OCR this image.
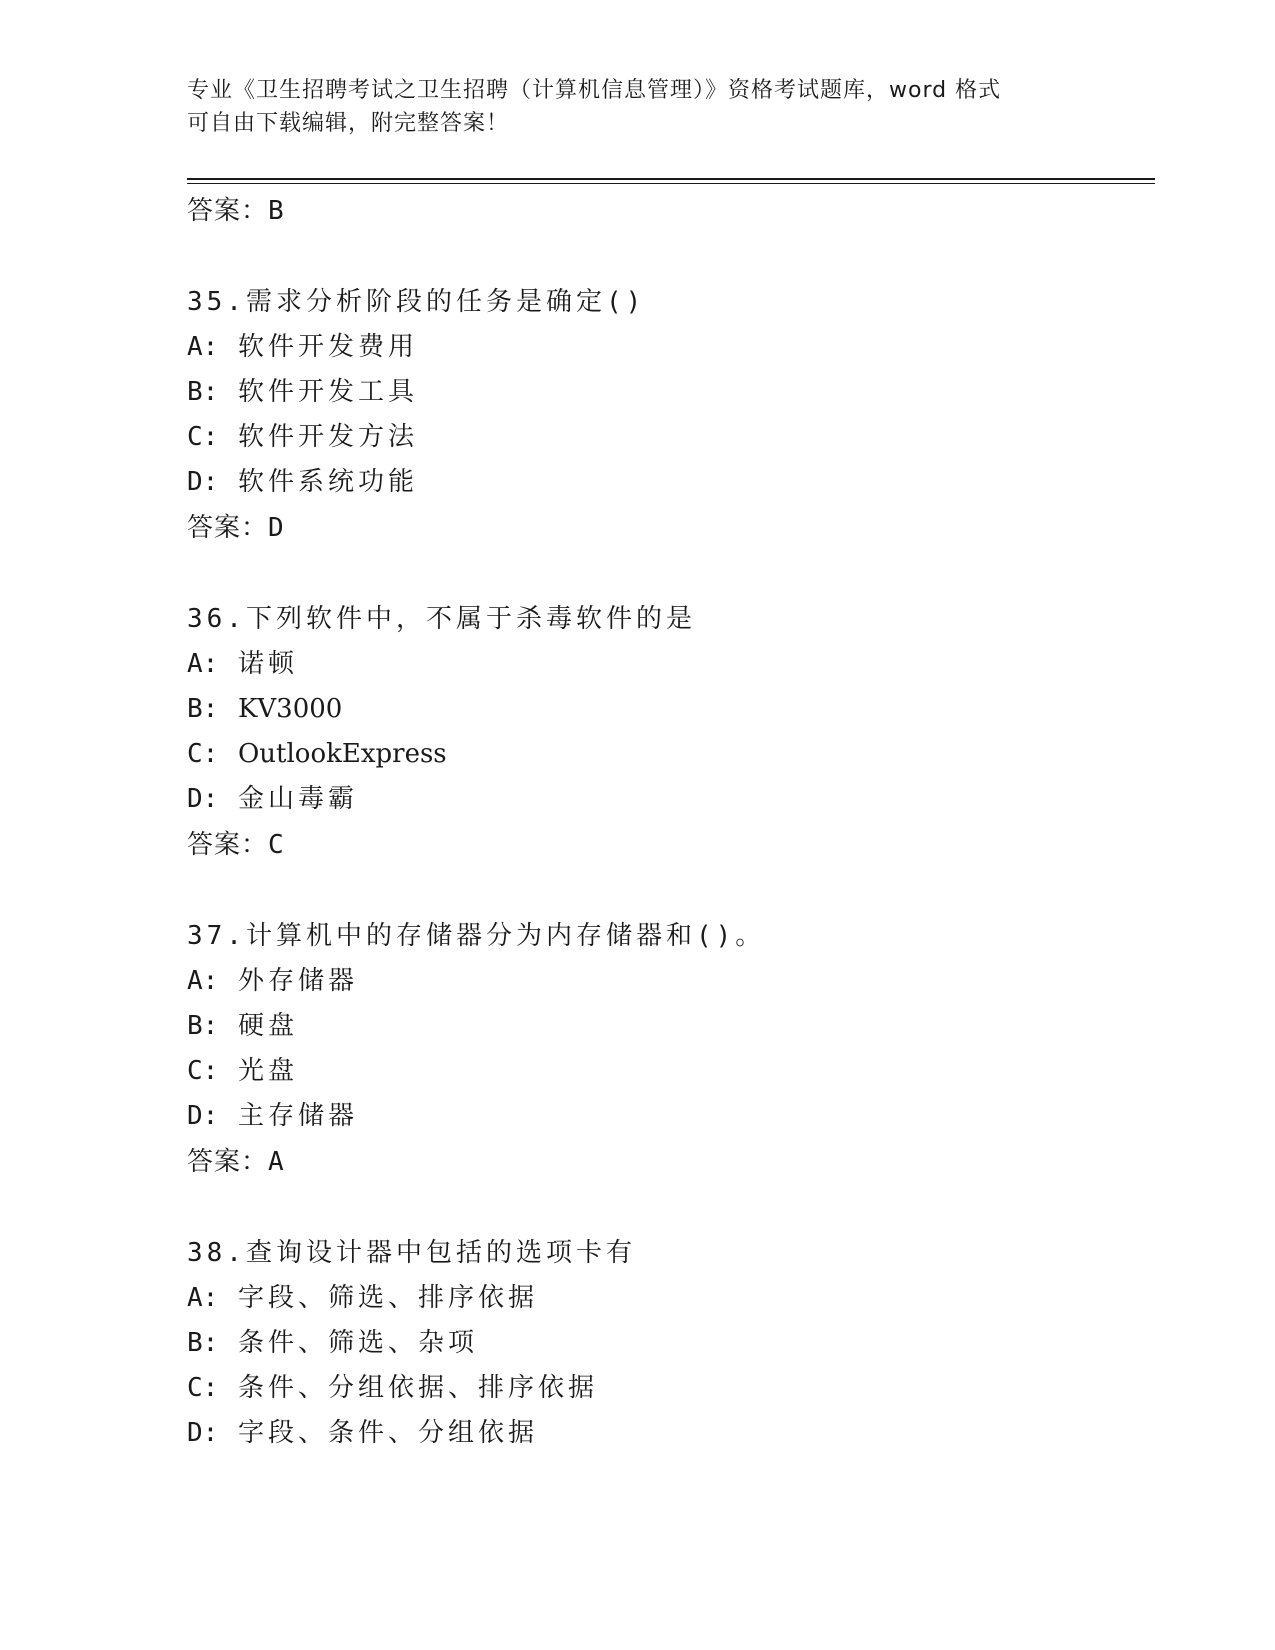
专业《卫生招聘考试之卫生招聘（计算机信息管理）》资格考试题库，word 格式
可自由下载编辑，附完整答案！
答案：B
35.需求分析阶段的任务是确定()
A: 软件开发费用
B: 软件开发工具
C: 软件开发方法
D: 软件系统功能
答案：D
36.下列软件中，不属于杀毒软件的是
A: 诺顿
B: KV3000
C: OutlookExpress
D: 金山毒霸
答案：C
37.计算机中的存储器分为内存储器和()。
A: 外存储器
B: 硬盘
C: 光盘
D: 主存储器
答案：A
38.查询设计器中包括的选项卡有
A: 字段、筛选、排序依据
B: 条件、筛选、杂项
C: 条件、分组依据、排序依据
D: 字段、条件、分组依据
